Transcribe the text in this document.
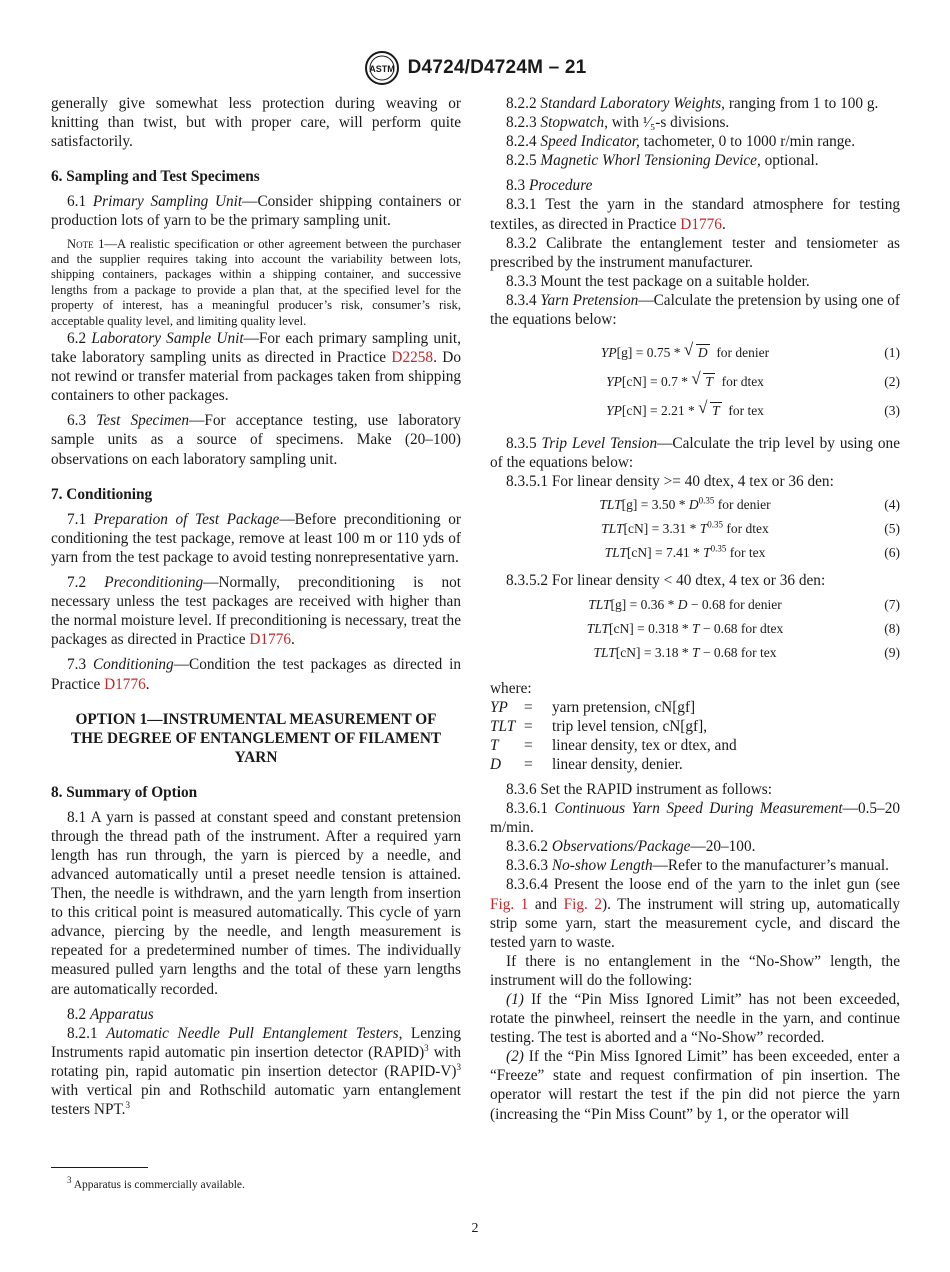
ASTM D4724/D4724M – 21

generally give somewhat less protection during weaving or knitting than twist, but with proper care, will perform quite satisfactorily.

6. Sampling and Test Specimens

6.1 Primary Sampling Unit—Consider shipping containers or production lots of yarn to be the primary sampling unit.

Note 1—A realistic specification or other agreement between the purchaser and the supplier requires taking into account the variability between lots, shipping containers, packages within a shipping container, and successive lengths from a package to provide a plan that, at the specified level for the property of interest, has a meaningful producer’s risk, consumer’s risk, acceptable quality level, and limiting quality level.

6.2 Laboratory Sample Unit—For each primary sampling unit, take laboratory sampling units as directed in Practice D2258. Do not rewind or transfer material from packages taken from shipping containers to other packages.

6.3 Test Specimen—For acceptance testing, use laboratory sample units as a source of specimens. Make (20–100) observations on each laboratory sampling unit.

7. Conditioning

7.1 Preparation of Test Package—Before preconditioning or conditioning the test package, remove at least 100 m or 110 yds of yarn from the test package to avoid testing nonrepresentative yarn.

7.2 Preconditioning—Normally, preconditioning is not necessary unless the test packages are received with higher than the normal moisture level. If preconditioning is necessary, treat the packages as directed in Practice D1776.

7.3 Conditioning—Condition the test packages as directed in Practice D1776.

OPTION 1—INSTRUMENTAL MEASUREMENT OF THE DEGREE OF ENTANGLEMENT OF FILAMENT YARN
8. Summary of Option

8.1 A yarn is passed at constant speed and constant pretension through the thread path of the instrument. After a required yarn length has run through, the yarn is pierced by a needle, and advanced automatically until a preset needle tension is attained. Then, the needle is withdrawn, and the yarn length from insertion to this critical point is measured automatically. This cycle of yarn advance, piercing by the needle, and length measurement is repeated for a predetermined number of times. The individually measured pulled yarn lengths and the total of these yarn lengths are automatically recorded.

8.2 Apparatus

8.2.1 Automatic Needle Pull Entanglement Testers, Lenzing Instruments rapid automatic pin insertion detector (RAPID)$^3$ with rotating pin, rapid automatic pin insertion detector (RAPID-V)$^3$ with vertical pin and Rothschild automatic yarn entanglement testers NPT.$^3$

$^3$ Apparatus is commercially available.

8.2.2 Standard Laboratory Weights, ranging from 1 to 100 g.

8.2.3 Stopwatch, with ¹⁄₅-s divisions.

8.2.4 Speed Indicator, tachometer, 0 to 1000 r/min range.

8.2.5 Magnetic Whorl Tensioning Device, optional.

8.3 Procedure

8.3.1 Test the yarn in the standard atmosphere for testing textiles, as directed in Practice D1776.

8.3.2 Calibrate the entanglement tester and tensiometer as prescribed by the instrument manufacturer.

8.3.3 Mount the test package on a suitable holder.

8.3.4 Yarn Pretension—Calculate the pretension by using one of the equations below:

YP[g] = 0.75 * √ D for denier	(1)
YP[cN] = 0.7 * √ T for dtex	(2)
YP[cN] = 2.21 * √ T for tex	(3)

8.3.5 Trip Level Tension—Calculate the trip level by using one of the equations below:

8.3.5.1 For linear density >= 40 dtex, 4 tex or 36 den:

$TLT[g] = 3.50 * D^{0.35}$ for denier	(4)
$TLT[cN] = 3.31 * T^{0.35}$ for dtex	(5)
$TLT[cN] = 7.41 * T^{0.35}$ for tex	(6)

8.3.5.2 For linear density < 40 dtex, 4 tex or 36 den:

TLT[g] = 0.36 * D − 0.68 for denier	(7)
TLT[cN] = 0.318 * T − 0.68 for dtex	(8)
TLT[cN] = 3.18 * T − 0.68 for tex	(9)

where:

YP	=	yarn pretension, cN[gf]
TLT =	trip level tension, cN[gf],
T	=	linear density, tex or dtex, and
D	=	linear density, denier.

8.3.6 Set the RAPID instrument as follows:

8.3.6.1 Continuous Yarn Speed During Measurement—0.5–20 m/min.

8.3.6.2 Observations/Package—20–100.

8.3.6.3 No-show Length—Refer to the manufacturer’s manual.

8.3.6.4 Present the loose end of the yarn to the inlet gun (see Fig. 1 and Fig. 2). The instrument will string up, automatically strip some yarn, start the measurement cycle, and discard the tested yarn to waste.

If there is no entanglement in the “No-Show” length, the instrument will do the following:

(1) If the “Pin Miss Ignored Limit” has not been exceeded, rotate the pinwheel, reinsert the needle in the yarn, and continue testing. The test is aborted and a “No-Show” recorded.

(2) If the “Pin Miss Ignored Limit” has been exceeded, enter a “Freeze” state and request confirmation of pin insertion. The operator will restart the test if the pin did not pierce the yarn (increasing the “Pin Miss Count” by 1, or the operator will

2
